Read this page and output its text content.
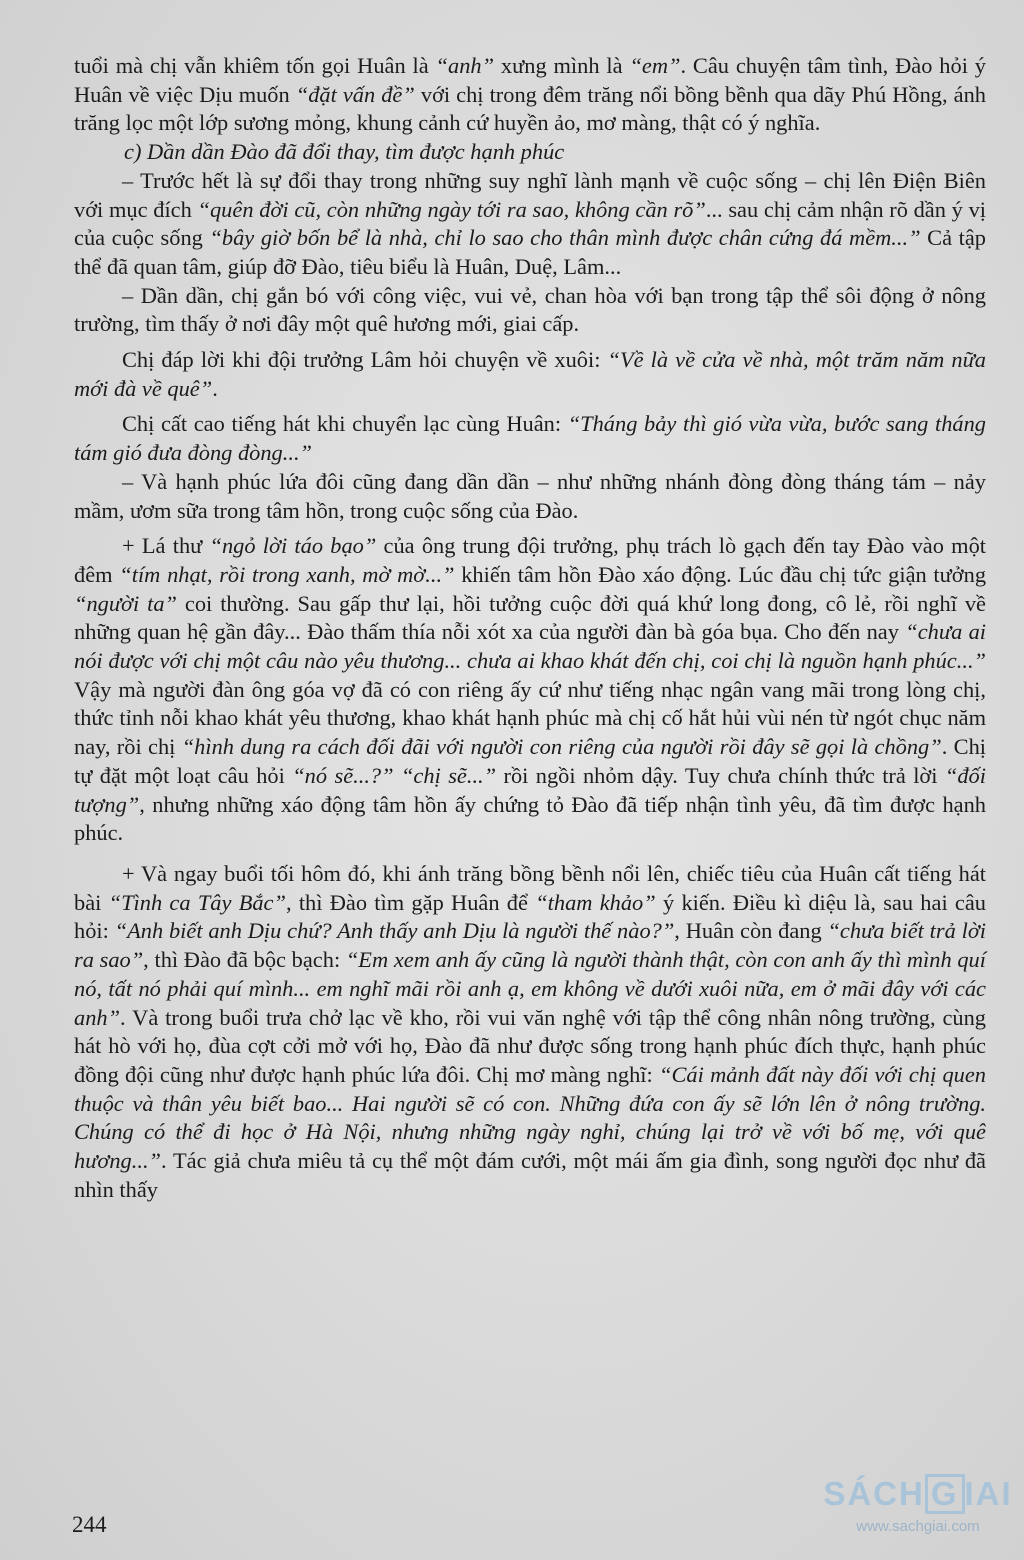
tuổi mà chị vẫn khiêm tốn gọi Huân là “anh” xưng mình là “em”. Câu chuyện tâm tình, Đào hỏi ý Huân về việc Dịu muốn “đặt vấn đề” với chị trong đêm trăng nổi bồng bềnh qua dãy Phú Hồng, ánh trăng lọc một lớp sương mỏng, khung cảnh cứ huyền ảo, mơ màng, thật có ý nghĩa.

c) Dần dần Đào đã đổi thay, tìm được hạnh phúc

– Trước hết là sự đổi thay trong những suy nghĩ lành mạnh về cuộc sống – chị lên Điện Biên với mục đích “quên đời cũ, còn những ngày tới ra sao, không cần rõ”... sau chị cảm nhận rõ dần ý vị của cuộc sống “bây giờ bốn bể là nhà, chỉ lo sao cho thân mình được chân cứng đá mềm...” Cả tập thể đã quan tâm, giúp đỡ Đào, tiêu biểu là Huân, Duệ, Lâm...

– Dần dần, chị gắn bó với công việc, vui vẻ, chan hòa với bạn trong tập thể sôi động ở nông trường, tìm thấy ở nơi đây một quê hương mới, giai cấp.

Chị đáp lời khi đội trưởng Lâm hỏi chuyện về xuôi: “Về là về cửa về nhà, một trăm năm nữa mới đà về quê”.

Chị cất cao tiếng hát khi chuyển lạc cùng Huân: “Tháng bảy thì gió vừa vừa, bước sang tháng tám gió đưa đòng đòng...”

– Và hạnh phúc lứa đôi cũng đang dần dần – như những nhánh đòng đòng tháng tám – nảy mầm, ươm sữa trong tâm hồn, trong cuộc sống của Đào.

+ Lá thư “ngỏ lời táo bạo” của ông trung đội trưởng, phụ trách lò gạch đến tay Đào vào một đêm “tím nhạt, rồi trong xanh, mờ mờ...” khiến tâm hồn Đào xáo động. Lúc đầu chị tức giận tưởng “người ta” coi thường. Sau gấp thư lại, hồi tưởng cuộc đời quá khứ long đong, cô lẻ, rồi nghĩ về những quan hệ gần đây... Đào thấm thía nỗi xót xa của người đàn bà góa bụa. Cho đến nay “chưa ai nói được với chị một câu nào yêu thương... chưa ai khao khát đến chị, coi chị là nguồn hạnh phúc...” Vậy mà người đàn ông góa vợ đã có con riêng ấy cứ như tiếng nhạc ngân vang mãi trong lòng chị, thức tỉnh nỗi khao khát yêu thương, khao khát hạnh phúc mà chị cố hắt hủi vùi nén từ ngót chục năm nay, rồi chị “hình dung ra cách đối đãi với người con riêng của người rồi đây sẽ gọi là chồng”. Chị tự đặt một loạt câu hỏi “nó sẽ...?” “chị sẽ...” rồi ngồi nhỏm dậy. Tuy chưa chính thức trả lời “đối tượng”, nhưng những xáo động tâm hồn ấy chứng tỏ Đào đã tiếp nhận tình yêu, đã tìm được hạnh phúc.

+ Và ngay buổi tối hôm đó, khi ánh trăng bồng bềnh nổi lên, chiếc tiêu của Huân cất tiếng hát bài “Tình ca Tây Bắc”, thì Đào tìm gặp Huân để “tham khảo” ý kiến. Điều kì diệu là, sau hai câu hỏi: “Anh biết anh Dịu chứ? Anh thấy anh Dịu là người thế nào?”, Huân còn đang “chưa biết trả lời ra sao”, thì Đào đã bộc bạch: “Em xem anh ấy cũng là người thành thật, còn con anh ấy thì mình quí nó, tất nó phải quí mình... em nghĩ mãi rồi anh ạ, em không về dưới xuôi nữa, em ở mãi đây với các anh”. Và trong buổi trưa chở lạc về kho, rồi vui văn nghệ với tập thể công nhân nông trường, cùng hát hò với họ, đùa cợt cởi mở với họ, Đào đã như được sống trong hạnh phúc đích thực, hạnh phúc đồng đội cũng như được hạnh phúc lứa đôi. Chị mơ màng nghĩ: “Cái mảnh đất này đối với chị quen thuộc và thân yêu biết bao... Hai người sẽ có con. Những đứa con ấy sẽ lớn lên ở nông trường. Chúng có thể đi học ở Hà Nội, nhưng những ngày nghỉ, chúng lại trở về với bố mẹ, với quê hương...”. Tác giả chưa miêu tả cụ thể một đám cưới, một mái ấm gia đình, song người đọc như đã nhìn thấy

244
SÁCH G IAI
www.sachgiai.com
